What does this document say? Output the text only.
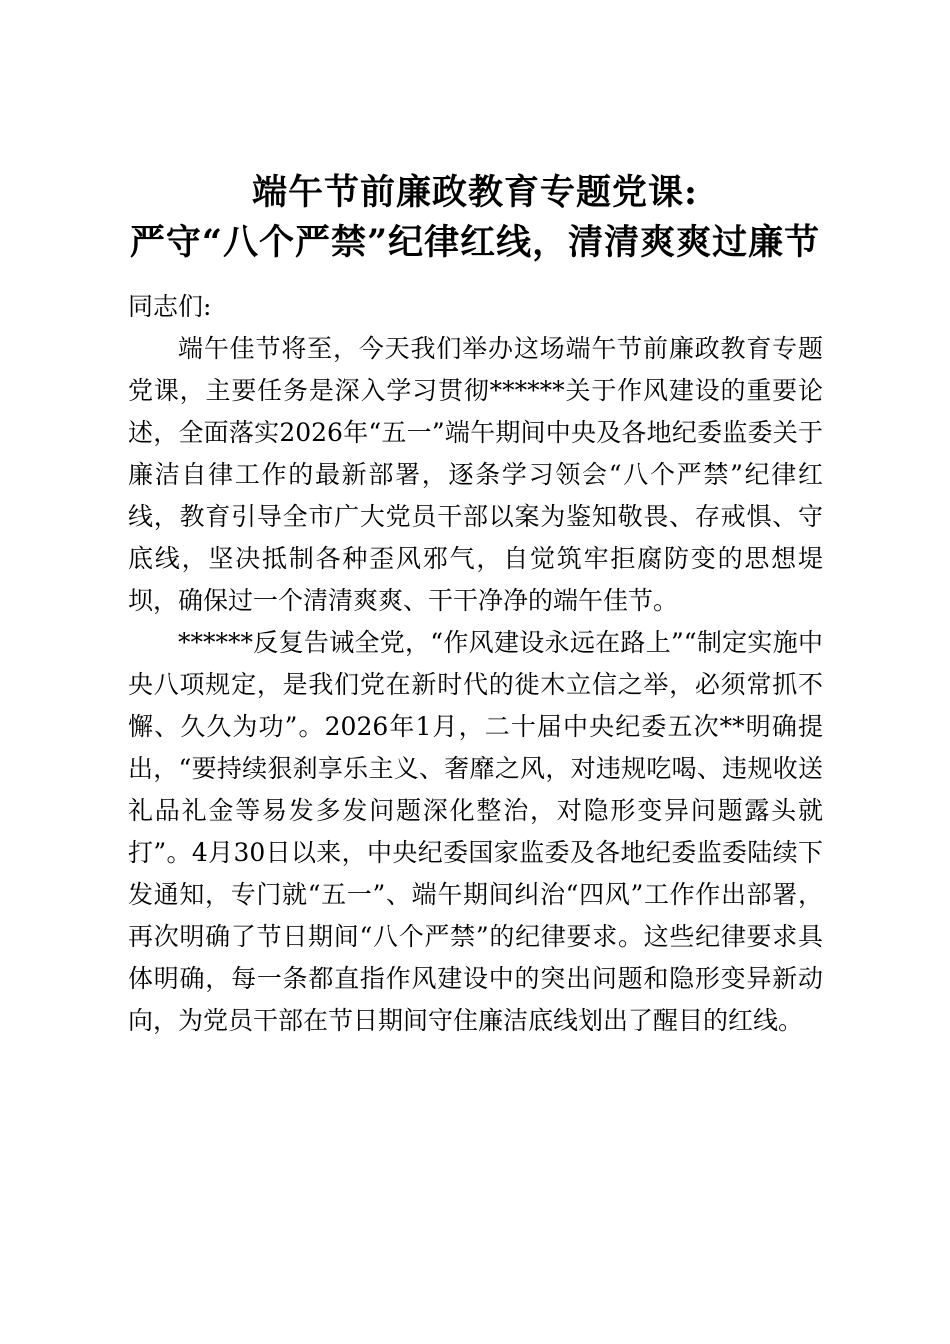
端午节前廉政教育专题党课:
严守“八个严禁”纪律红线，清清爽爽过廉节

同志们:

端午佳节将至，今天我们举办这场端午节前廉政教育专题党课，主要任务是深入学习贯彻******关于作风建设的重要论述，全面落实2026年“五一”端午期间中央及各地纪委监委关于廉洁自律工作的最新部署，逐条学习领会“八个严禁”纪律红线，教育引导全市广大党员干部以案为鉴知敬畏、存戒惧、守底线，坚决抵制各种歪风邪气，自觉筑牢拒腐防变的思想堤坝，确保过一个清清爽爽、干干净净的端午佳节。

******反复告诫全党，“作风建设永远在路上”“制定实施中央八项规定，是我们党在新时代的徙木立信之举，必须常抓不懈、久久为功”。2026年1月，二十届中央纪委五次**明确提出，“要持续狠刹享乐主义、奢靡之风，对违规吃喝、违规收送礼品礼金等易发多发问题深化整治，对隐形变异问题露头就打”。4月30日以来，中央纪委国家监委及各地纪委监委陆续下发通知，专门就“五一”、端午期间纠治“四风”工作作出部署，再次明确了节日期间“八个严禁”的纪律要求。这些纪律要求具体明确，每一条都直指作风建设中的突出问题和隐形变异新动向，为党员干部在节日期间守住廉洁底线划出了醒目的红线。
